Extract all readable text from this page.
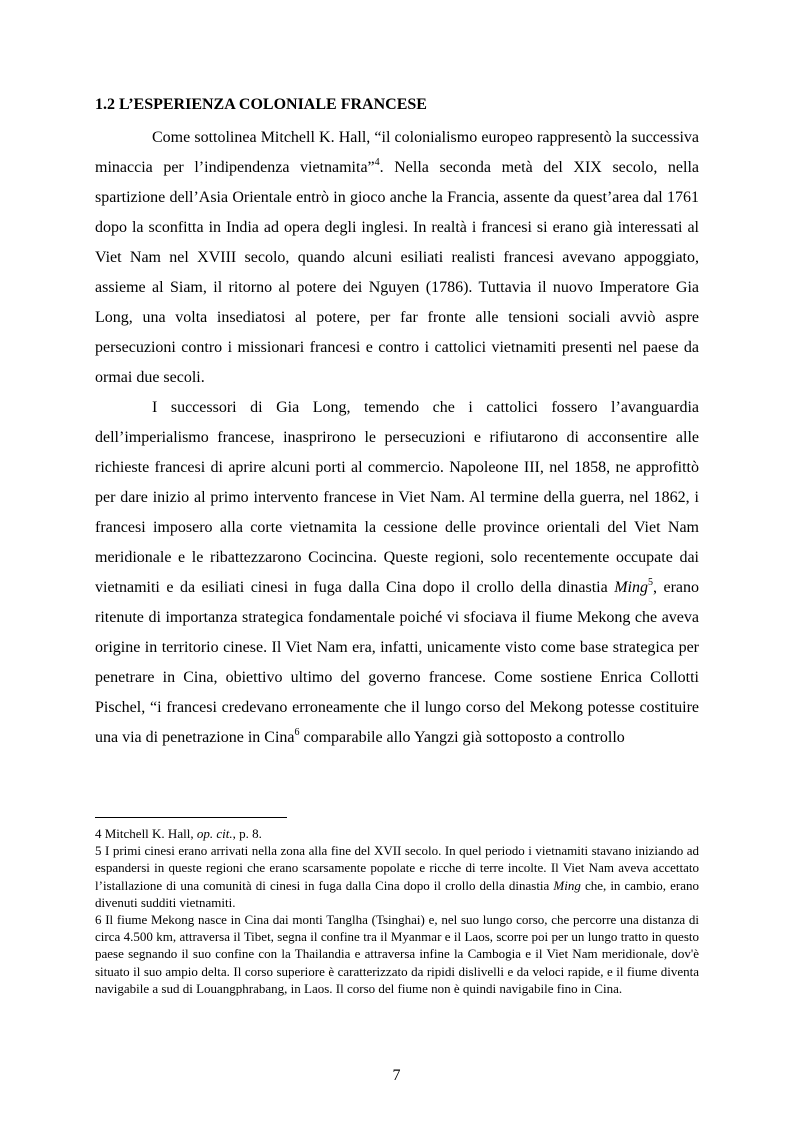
1.2 L’ESPERIENZA COLONIALE FRANCESE

Come sottolinea Mitchell K. Hall, “il colonialismo europeo rappresentò la successiva minaccia per l’indipendenza vietnamita”$^4$. Nella seconda metà del XIX secolo, nella spartizione dell’Asia Orientale entrò in gioco anche la Francia, assente da quest’area dal 1761 dopo la sconfitta in India ad opera degli inglesi. In realtà i francesi si erano già interessati al Viet Nam nel XVIII secolo, quando alcuni esiliati realisti francesi avevano appoggiato, assieme al Siam, il ritorno al potere dei Nguyen (1786). Tuttavia il nuovo Imperatore Gia Long, una volta insediatosi al potere, per far fronte alle tensioni sociali avviò aspre persecuzioni contro i missionari francesi e contro i cattolici vietnamiti presenti nel paese da ormai due secoli.

I successori di Gia Long, temendo che i cattolici fossero l’avanguardia dell’imperialismo francese, inasprirono le persecuzioni e rifiutarono di acconsentire alle richieste francesi di aprire alcuni porti al commercio. Napoleone III, nel 1858, ne approfittò per dare inizio al primo intervento francese in Viet Nam. Al termine della guerra, nel 1862, i francesi imposero alla corte vietnamita la cessione delle province orientali del Viet Nam meridionale e le ribattezzarono Cocincina. Queste regioni, solo recentemente occupate dai vietnamiti e da esiliati cinesi in fuga dalla Cina dopo il crollo della dinastia Ming$^5$, erano ritenute di importanza strategica fondamentale poiché vi sfociava il fiume Mekong che aveva origine in territorio cinese. Il Viet Nam era, infatti, unicamente visto come base strategica per penetrare in Cina, obiettivo ultimo del governo francese. Come sostiene Enrica Collotti Pischel, “i francesi credevano erroneamente che il lungo corso del Mekong potesse costituire una via di penetrazione in Cina$^6$ comparabile allo Yangzi già sottoposto a controllo

4 Mitchell K. Hall, op. cit., p. 8.

5 I primi cinesi erano arrivati nella zona alla fine del XVII secolo. In quel periodo i vietnamiti stavano iniziando ad espandersi in queste regioni che erano scarsamente popolate e ricche di terre incolte. Il Viet Nam aveva accettato l’istallazione di una comunità di cinesi in fuga dalla Cina dopo il crollo della dinastia Ming che, in cambio, erano divenuti sudditi vietnamiti.

6 Il fiume Mekong nasce in Cina dai monti Tanglha (Tsinghai) e, nel suo lungo corso, che percorre una distanza di circa 4.500 km, attraversa il Tibet, segna il confine tra il Myanmar e il Laos, scorre poi per un lungo tratto in questo paese segnando il suo confine con la Thailandia e attraversa infine la Cambogia e il Viet Nam meridionale, dov'è situato il suo ampio delta. Il corso superiore è caratterizzato da ripidi dislivelli e da veloci rapide, e il fiume diventa navigabile a sud di Louangphrabang, in Laos. Il corso del fiume non è quindi navigabile fino in Cina.

7
